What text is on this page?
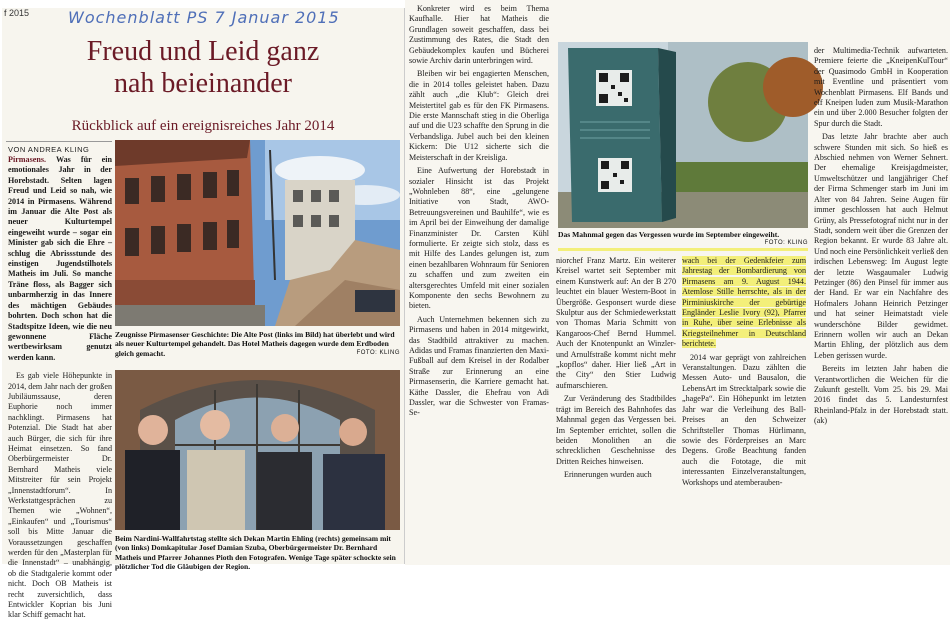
f 2015 Wochenblatt PS 7 Januar 2015
Freud und Leid ganz
nah beieinander
Rückblick auf ein ereignisreiches Jahr 2014
VON ANDREA KLING

Pirmasens. Was für ein emotionales Jahr in der Horebstadt. Selten lagen Freud und Leid so nah, wie 2014 in Pirmasens. Während im Januar die Alte Post als neuer Kulturtempel eingeweiht wurde – sogar ein Minister gab sich die Ehre – schlug die Abrissstunde des einstigen Jugendstilhotels Matheis im Juli. So manche Träne floss, als Bagger sich unbarmherzig in das Innere des mächtigen Gebäudes bohrten. Doch schon hat die Stadtspitze Ideen, wie die neu gewonnene Fläche wertbewirksam genutzt werden kann.

Es gab viele Höhepunkte in 2014, dem Jahr nach der großen Jubiläumssause, deren Euphorie noch immer nachklingt. Pirmasens hat Potenzial. Die Stadt hat aber auch Bürger, die sich für ihre Heimat einsetzen. So fand Oberbürgermeister Dr. Bernhard Matheis viele Mitstreiter für sein Projekt „Innenstadtforum“. In Werkstattgesprächen zu Themen wie „Wohnen“, „Einkaufen“ und „Tourismus“ soll bis Mitte Januar die Voraussetzungen geschaffen werden für den „Masterplan für die Innenstadt“ – unabhängig, ob die Stadtgalerie kommt oder nicht. Doch OB Matheis ist recht zuversichtlich, dass Entwickler Koprian bis Juni klar Schiff gemacht hat.

Zeugnisse Pirmasenser Geschichte: Die Alte Post (links im Bild) hat überlebt und wird als neuer Kulturtempel gehandelt. Das Hotel Matheis dagegen wurde dem Erdboden gleich gemacht.	FOTO: KLING
Beim Nardini-Wallfahrtstag stellte sich Dekan Martin Ehling (rechts) gemeinsam mit (von links) Domkapitular Josef Damian Szuba, Oberbürgermeister Dr. Bernhard Matheis und Pfarrer Johannes Pioth den Fotografen. Wenige Tage später schockte sein plötzlicher Tod die Gläubigen der Region.

Konkreter wird es beim Thema Kaufhalle. Hier hat Matheis die Grundlagen soweit geschaffen, dass bei Zustimmung des Rates, die Stadt den Gebäudekomplex kaufen und Bücherei sowie Archiv darin unterbringen wird.

Bleiben wir bei engagierten Menschen, die in 2014 tolles geleistet haben. Dazu zählt auch „die Klub“: Gleich drei Meistertitel gab es für den FK Pirmasens. Die erste Mannschaft stieg in die Oberliga auf und die U23 schaffte den Sprung in die Verbandsliga. Jubel auch bei den kleinen Kickern: Die U12 sicherte sich die Meisterschaft in der Kreisliga.

Eine Aufwertung der Horebstadt in sozialer Hinsicht ist das Projekt „Wohnleben 88“, eine „gelungene Initiative von Stadt, AWO-Betreuungsvereinen und Bauhilfe“, wie es im April bei der Einweihung der damalige Finanzminister Dr. Carsten Kühl formulierte. Er zeigte sich stolz, dass es mit Hilfe des Landes gelungen ist, zum einen bezahlbaren Wohnraum für Senioren zu schaffen und zum zweiten ein altersgerechtes Umfeld mit einer sozialen Komponente den sechs Bewohnern zu bieten.

Auch Unternehmen bekennen sich zu Pirmasens und haben in 2014 mitgewirkt, das Stadtbild attraktiver zu machen. Adidas und Framas finanzierten den Maxi-Fußball auf dem Kreisel in der Rodalber Straße zur Erinnerung an eine Pirmasenserin, die Karriere gemacht hat. Käthe Dassler, die Ehefrau von Adi Dassler, war die Schwester von Framas-Se-

Das Mahnmal gegen das Vergessen wurde im September eingeweiht.
FOTO: KLING

niorchef Franz Martz. Ein weiterer Kreisel wartet seit September mit einem Kunstwerk auf: An der B 270 leuchtet ein blauer Western-Boot in Übergröße. Gesponsert wurde diese Skulptur aus der Schmiedewerkstatt von Thomas Maria Schmitt von Kangaroos-Chef Bernd Hummel. Auch der Knotenpunkt an Winzler- und Arnulfstraße kommt nicht mehr „kopflos“ daher. Hier ließ „Art in the City“ den Stier Ludwig aufmarschieren.

Zur Veränderung des Stadtbildes trägt im Bereich des Bahnhofes das Mahnmal gegen das Vergessen bei. Im September errichtet, sollen die beiden Monolithen an die schrecklichen Geschehnisse des Dritten Reiches hinweisen.

Erinnerungen wurden auch

wach bei der Gedenkfeier zum Jahrestag der Bombardierung von Pirmasens am 9. August 1944. Atemlose Stille herrschte, als in der Pirminiuskirche der gebürtige Engländer Leslie Ivory (92), Pfarrer in Ruhe, über seine Erlebnisse als Kriegsteilnehmer in Deutschland berichtete.

2014 war geprägt von zahlreichen Veranstaltungen. Dazu zählten die Messen Auto- und Bausalon, die LebensArt im Strecktalpark sowie die „hagePa“. Ein Höhepunkt im letzten Jahr war die Verleihung des Ball-Preises an den Schweizer Schriftsteller Thomas Hürlimann, sowie des Förderpreises an Marc Degens. Große Beachtung fanden auch die Fototage, die mit interessanten Einzelveranstaltungen, Workshops und atemberauben-

der Multimedia-Technik aufwarteten. Premiere feierte die „KneipenKulTour“ der Quasimodo GmbH in Kooperation mit Eventline und präsentiert vom Wochenblatt Pirmasens. Elf Bands und elf Kneipen luden zum Musik-Marathon ein und über 2.000 Besucher folgten der Spur durch die Stadt.

Das letzte Jahr brachte aber auch schwere Stunden mit sich. So hieß es Abschied nehmen von Werner Sehnert. Der ehemalige Kreisjagdmeister, Umweltschützer und langjähriger Chef der Firma Schmenger starb im Juni im Alter von 84 Jahren. Seine Augen für immer geschlossen hat auch Helmut Grüny, als Pressefotograf nicht nur in der Stadt, sondern weit über die Grenzen der Region bekannt. Er wurde 83 Jahre alt. Und noch eine Persönlichkeit verließ den irdischen Lebensweg: Im August legte der letzte Wasgaumaler Ludwig Petzinger (86) den Pinsel für immer aus der Hand. Er war ein Nachfahre des Hofmalers Johann Heinrich Petzinger und hat seiner Heimatstadt viele wunderschöne Bilder gewidmet. Erinnern wollen wir auch an Dekan Martin Ehling, der plötzlich aus dem Leben gerissen wurde.

Bereits im letzten Jahr haben die Verantwortlichen die Weichen für die Zukunft gestellt. Vom 25. bis 29. Mai 2016 findet das 5. Landesturnfest Rheinland-Pfalz in der Horebstadt statt. (ak)
